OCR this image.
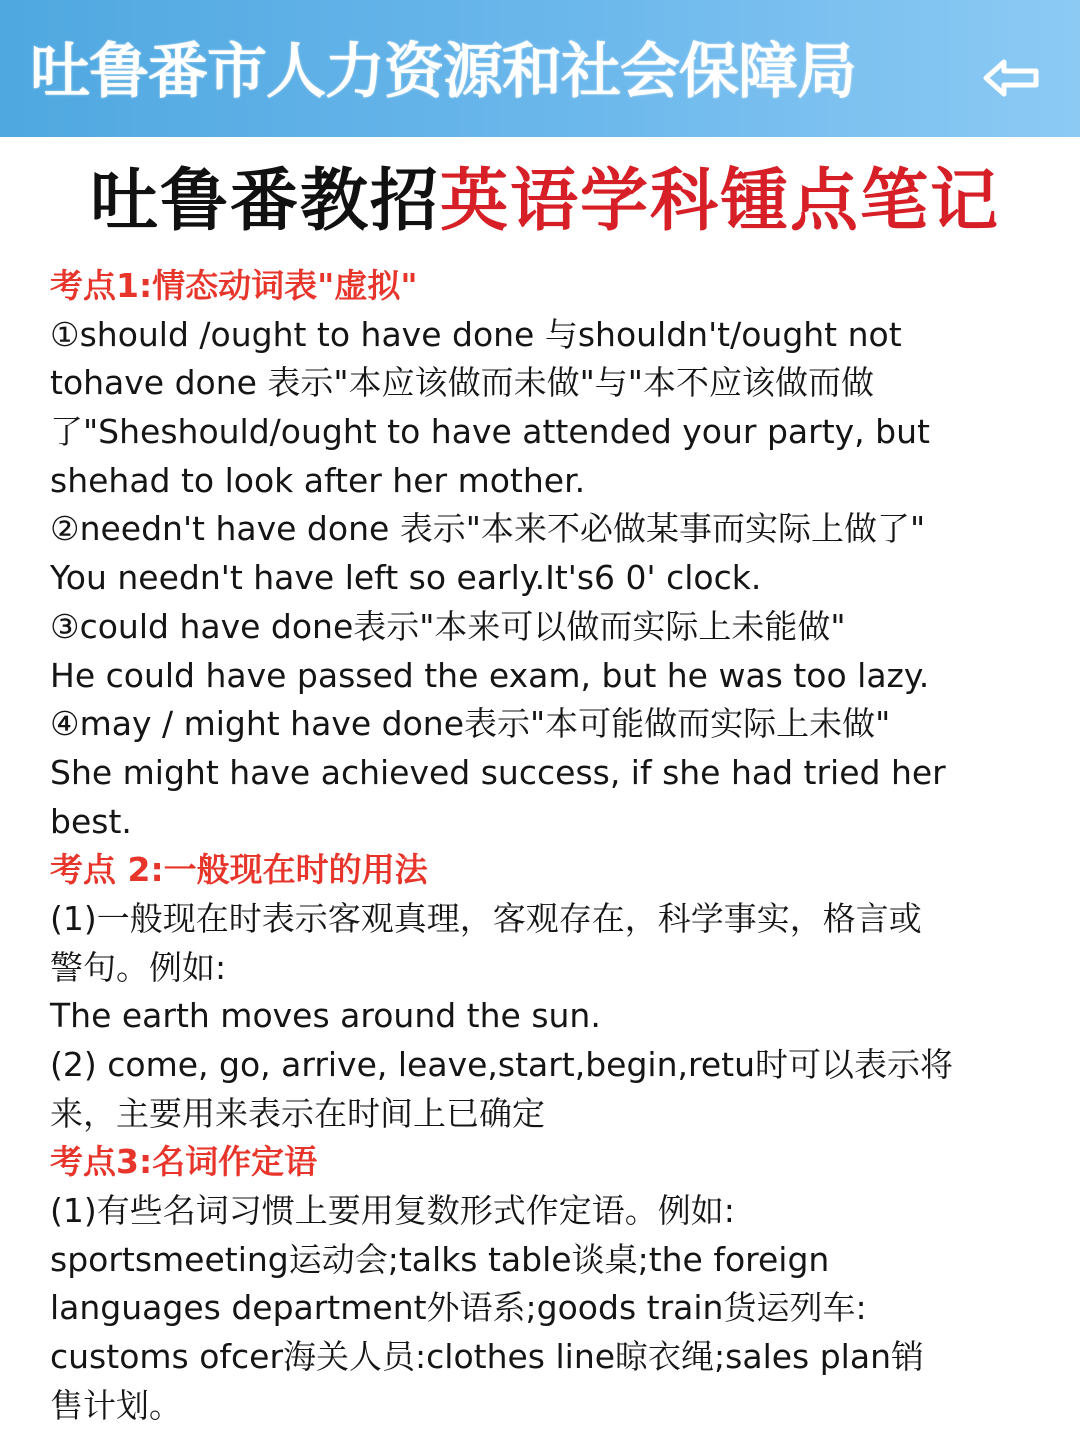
吐鲁番市人力资源和社会保障局
吐鲁番教招英语学科锺点笔记
考点1:情态动词表"虚拟"
①should /ought to have done 与shouldn't/ought not
tohave done 表示"本应该做而未做"与"本不应该做而做
了"Sheshould/ought to have attended your party, but
shehad to look after her mother.
②needn't have done 表示"本来不必做某事而实际上做了"
You needn't have left so early.It's6 0' clock.
③could have done表示"本来可以做而实际上未能做"
He could have passed the exam, but he was too lazy.
④may / might have done表示"本可能做而实际上未做"
She might have achieved success, if she had tried her
best.
考点 2:一般现在时的用法
(1)一般现在时表示客观真理，客观存在，科学事实，格言或
警句。例如:
The earth moves around the sun.
(2) come, go, arrive, leave,start,begin,retu时可以表示将
来，主要用来表示在时间上已确定
考点3:名词作定语
(1)有些名词习惯上要用复数形式作定语。例如:
sportsmeeting运动会;talks table谈桌;the foreign
languages department外语系;goods train货运列车:
customs ofcer海关人员:clothes line晾衣绳;sales plan销
售计划。
